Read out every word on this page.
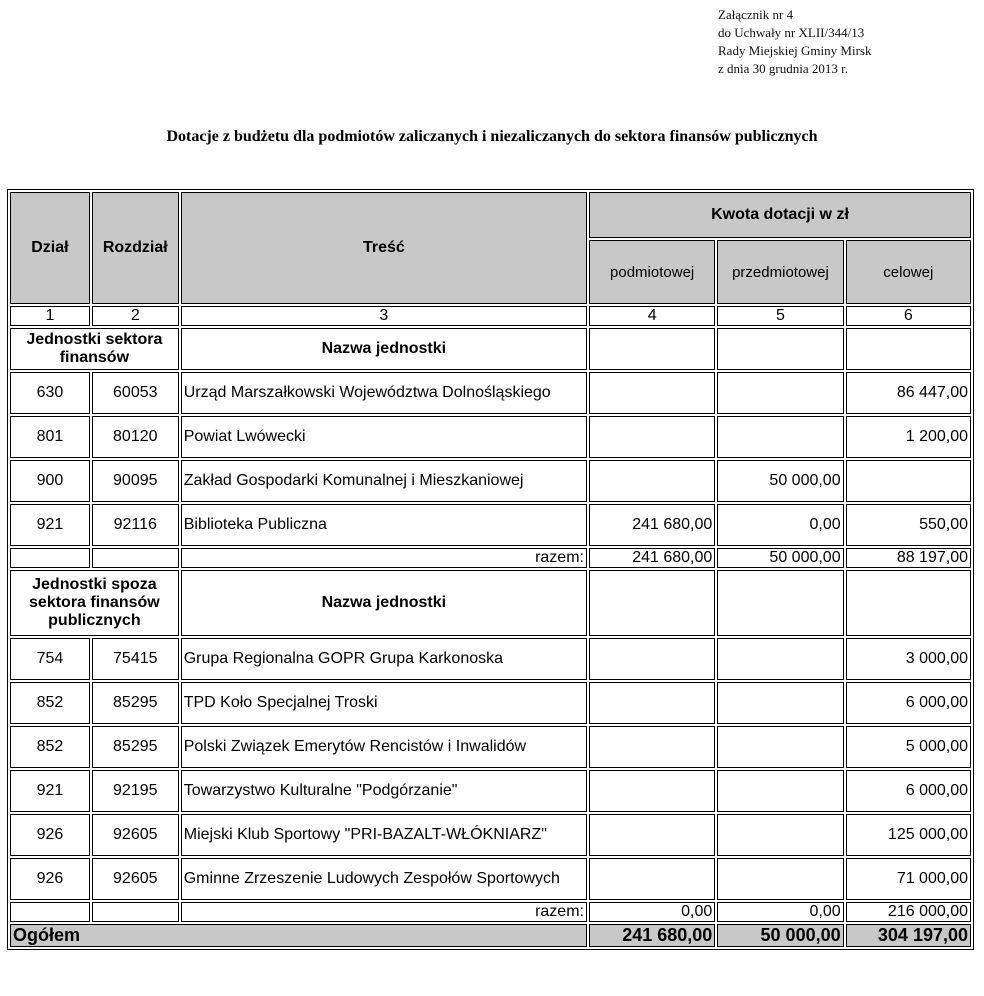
Załącznik nr 4
do Uchwały nr XLII/344/13
Rady Miejskiej Gminy Mirsk
z dnia 30 grudnia 2013 r.
Dotacje z budżetu dla podmiotów zaliczanych i niezaliczanych do sektora finansów publicznych
Dział	Rozdział	Treść	Kwota dotacji w zł		
			podmiotowej	przedmiotowej	celowej
1	2	3	4	5	6
Jednostki sektora finansów		Nazwa jednostki			
630	60053	Urząd Marszałkowski Województwa Dolnośląskiego			86 447,00
801	80120	Powiat Lwówecki			1 200,00
900	90095	Zakład Gospodarki Komunalnej i Mieszkaniowej		50 000,00	
921	92116	Biblioteka Publiczna	241 680,00	0,00	550,00
		razem:	241 680,00	50 000,00	88 197,00
Jednostki spoza sektora finansów publicznych		Nazwa jednostki			
754	75415	Grupa Regionalna GOPR Grupa Karkonoska			3 000,00
852	85295	TPD Koło Specjalnej Troski			6 000,00
852	85295	Polski Związek Emerytów Rencistów i Inwalidów			5 000,00
921	92195	Towarzystwo Kulturalne "Podgórzanie"			6 000,00
926	92605	Miejski Klub Sportowy "PRI-BAZALT-WŁÓKNIARZ"			125 000,00
926	92605	Gminne Zrzeszenie Ludowych Zespołów Sportowych			71 000,00
		razem:	0,00	0,00	216 000,00
Ogółem			241 680,00	50 000,00	304 197,00
